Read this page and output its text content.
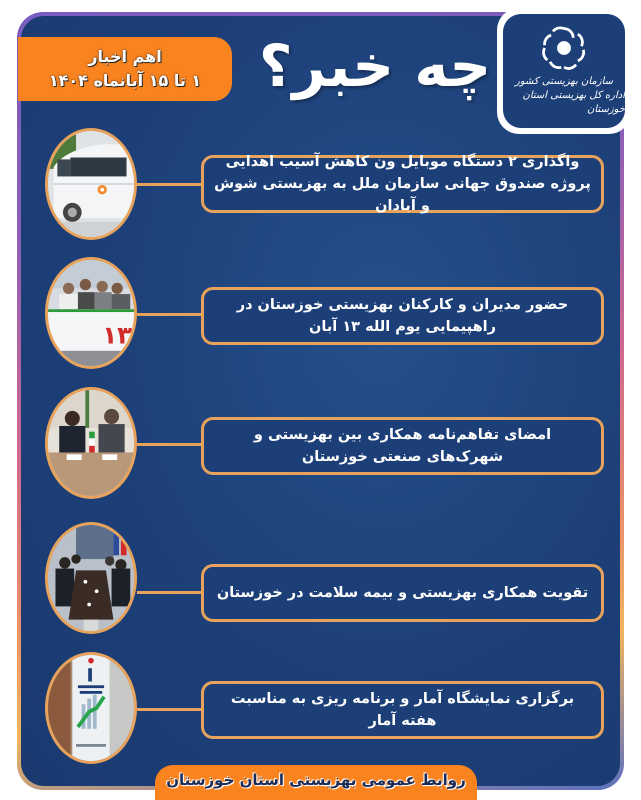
سازمان بهزیستی کشور
اداره کل بهزیستی استان خوزستان
اهم اخبار
۱ تا ۱۵ آبانماه ۱۴۰۴ چه خبر؟
واگذاری ۲ دستگاه موبایل ون کاهش آسیب اهدایی پروژه صندوق جهانی سازمان ملل به بهزیستی شوش و آبادان
۱۳
حضور مدیران و کارکنان بهزیستی خوزستان در راهپیمایی یوم الله ۱۳ آبان
امضای تفاهم‌نامه همکاری بین بهزیستی و شهرک‌های صنعتی خوزستان
تقویت همکاری بهزیستی و بیمه سلامت در خوزستان
برگزاری نمایشگاه آمار و برنامه ریزی به مناسبت هفته آمار
روابط عمومی بهزیستی استان خوزستان
